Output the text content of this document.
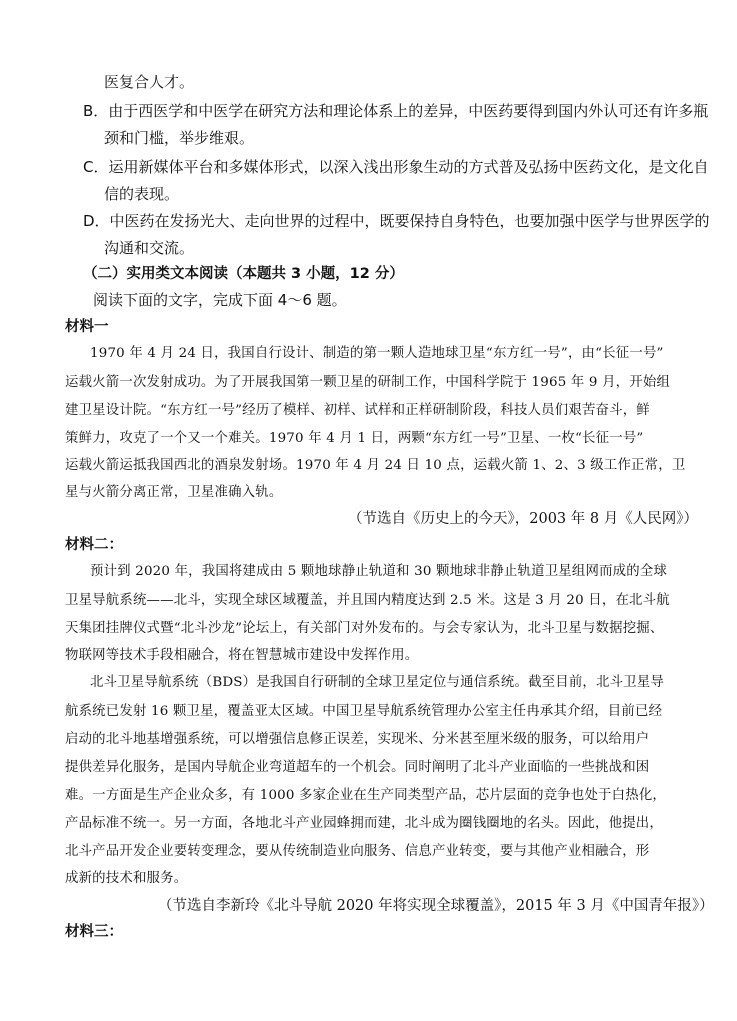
医复合人才。
B．由于西医学和中医学在研究方法和理论体系上的差异，中医药要得到国内外认可还有许多瓶
颈和门槛，举步维艰。
C．运用新媒体平台和多媒体形式，以深入浅出形象生动的方式普及弘扬中医药文化，是文化自
信的表现。
D．中医药在发扬光大、走向世界的过程中，既要保持自身特色，也要加强中医学与世界医学的
沟通和交流。
（二）实用类文本阅读（本题共 3 小题，12 分）
阅读下面的文字，完成下面 4～6 题。
材料一
1970 年 4 月 24 日，我国自行设计、制造的第一颗人造地球卫星“东方红一号”，由“长征一号”
运载火箭一次发射成功。为了开展我国第一颗卫星的研制工作，中国科学院于 1965 年 9 月，开始组
建卫星设计院。“东方红一号”经历了模样、初样、试样和正样研制阶段，科技人员们艰苦奋斗，鲜
策鲜力，攻克了一个又一个难关。1970 年 4 月 1 日，两颗“东方红一号”卫星、一枚“长征一号”
运载火箭运抵我国西北的酒泉发射场。1970 年 4 月 24 日 10 点，运载火箭 1、2、3 级工作正常，卫
星与火箭分离正常，卫星准确入轨。
（节选自《历史上的今天》，2003 年 8 月《人民网》）
材料二：
预计到 2020 年，我国将建成由 5 颗地球静止轨道和 30 颗地球非静止轨道卫星组网而成的全球
卫星导航系统——北斗，实现全球区域覆盖，并且国内精度达到 2.5 米。这是 3 月 20 日，在北斗航
天集团挂牌仪式暨“北斗沙龙”论坛上，有关部门对外发布的。与会专家认为，北斗卫星与数据挖掘、
物联网等技术手段相融合，将在智慧城市建设中发挥作用。
北斗卫星导航系统（BDS）是我国自行研制的全球卫星定位与通信系统。截至目前，北斗卫星导
航系统已发射 16 颗卫星，覆盖亚太区域。中国卫星导航系统管理办公室主任冉承其介绍，目前已经
启动的北斗地基增强系统，可以增强信息修正误差，实现米、分米甚至厘米级的服务，可以给用户
提供差异化服务，是国内导航企业弯道超车的一个机会。同时阐明了北斗产业面临的一些挑战和困
难。一方面是生产企业众多，有 1000 多家企业在生产同类型产品，芯片层面的竞争也处于白热化，
产品标准不统一。另一方面，各地北斗产业园蜂拥而建，北斗成为圈钱圈地的名头。因此，他提出，
北斗产品开发企业要转变理念，要从传统制造业向服务、信息产业转变，要与其他产业相融合，形
成新的技术和服务。
（节选自李新玲《北斗导航 2020 年将实现全球覆盖》，2015 年 3 月《中国青年报》）
材料三：
